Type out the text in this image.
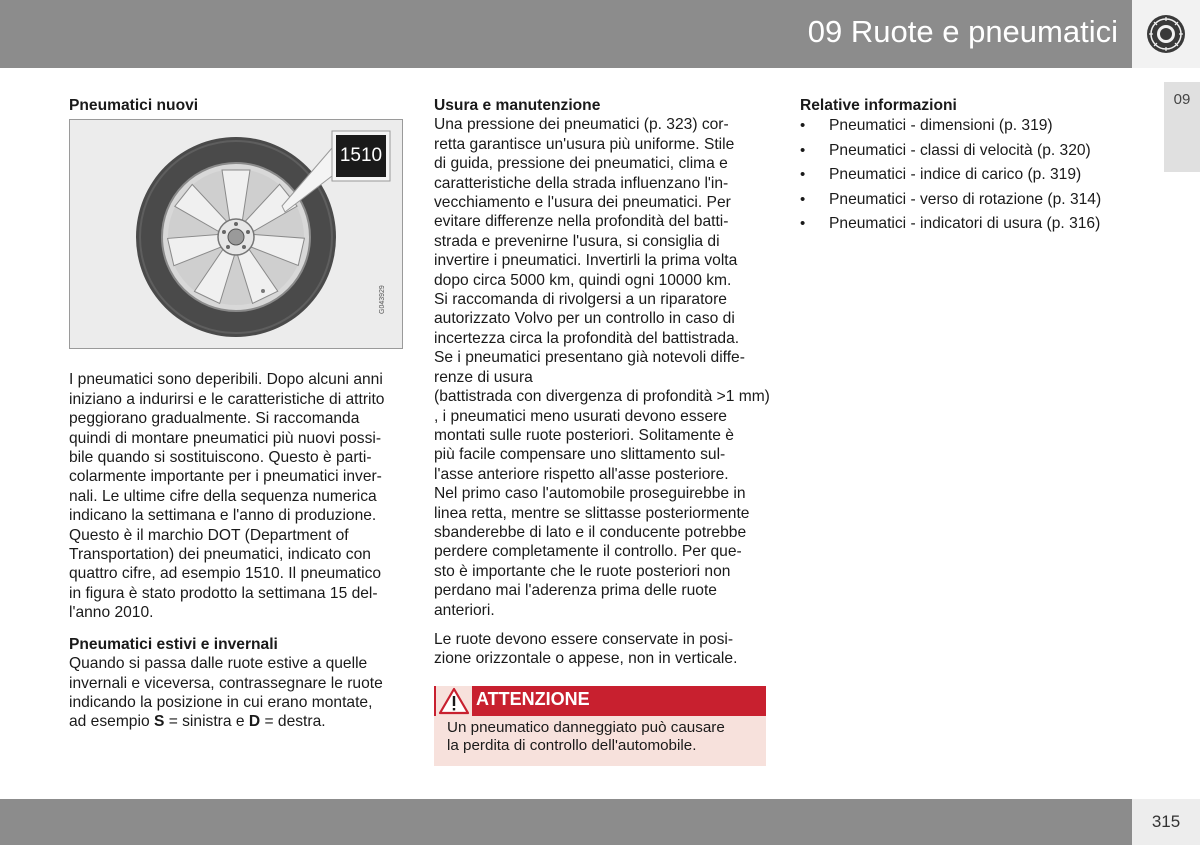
09 Ruote e pneumatici
09
Pneumatici nuovi
1510
G043929

I pneumatici sono deperibili. Dopo alcuni anni
iniziano a indurirsi e le caratteristiche di attrito
peggiorano gradualmente. Si raccomanda
quindi di montare pneumatici più nuovi possi-
bile quando si sostituiscono. Questo è parti-
colarmente importante per i pneumatici inver-
nali. Le ultime cifre della sequenza numerica
indicano la settimana e l'anno di produzione.
Questo è il marchio DOT (Department of
Transportation) dei pneumatici, indicato con
quattro cifre, ad esempio 1510. Il pneumatico
in figura è stato prodotto la settimana 15 del-
l'anno 2010.

Pneumatici estivi e invernali

Quando si passa dalle ruote estive a quelle
invernali e viceversa, contrassegnare le ruote
indicando la posizione in cui erano montate,
ad esempio S = sinistra e D = destra.

Usura e manutenzione

Una pressione dei pneumatici (p. 323) cor-
retta garantisce un'usura più uniforme. Stile
di guida, pressione dei pneumatici, clima e
caratteristiche della strada influenzano l'in-
vecchiamento e l'usura dei pneumatici. Per
evitare differenze nella profondità del batti-
strada e prevenirne l'usura, si consiglia di
invertire i pneumatici. Invertirli la prima volta
dopo circa 5000 km, quindi ogni 10000 km.
Si raccomanda di rivolgersi a un riparatore
autorizzato Volvo per un controllo in caso di
incertezza circa la profondità del battistrada.
Se i pneumatici presentano già notevoli diffe-
renze di usura
(battistrada con divergenza di profondità >1 mm)
, i pneumatici meno usurati devono essere
montati sulle ruote posteriori. Solitamente è
più facile compensare uno slittamento sul-
l'asse anteriore rispetto all'asse posteriore.
Nel primo caso l'automobile proseguirebbe in
linea retta, mentre se slittasse posteriormente
sbanderebbe di lato e il conducente potrebbe
perdere completamente il controllo. Per que-
sto è importante che le ruote posteriori non
perdano mai l'aderenza prima delle ruote
anteriori.

Le ruote devono essere conservate in posi-
zione orizzontale o appese, non in verticale.

ATTENZIONE
Un pneumatico danneggiato può causare
la perdita di controllo dell'automobile.
Relative informazioni
• Pneumatici - dimensioni (p. 319)
• Pneumatici - classi di velocità (p. 320)
• Pneumatici - indice di carico (p. 319)
• Pneumatici - verso di rotazione (p. 314)
• Pneumatici - indicatori di usura (p. 316)
315
